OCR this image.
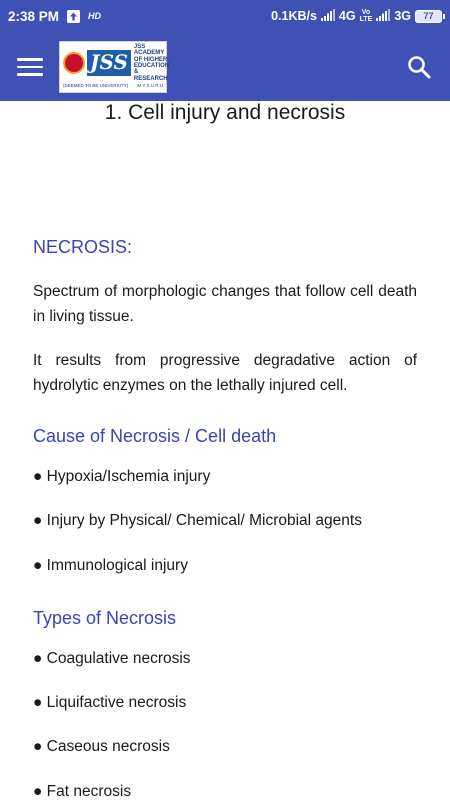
2:38 PM	HD	0.1KB/s 4G Vo
LTE 3G 77
JSS
JSS
ACADEMY
OF HIGHER
EDUCATION
& RESEARCH
(DEEMED TO BE UNIVERSITY) M Y S U R U
1. Cell injury and necrosis
NECROSIS:
Spectrum of morphologic changes that follow cell death in living tissue.
It results from progressive degradative action of hydrolytic enzymes on the lethally injured cell.
Cause of Necrosis / Cell death
● Hypoxia/Ischemia injury
● Injury by Physical/ Chemical/ Microbial agents
● Immunological injury
Types of Necrosis
● Coagulative necrosis
● Liquifactive necrosis
● Caseous necrosis
● Fat necrosis
